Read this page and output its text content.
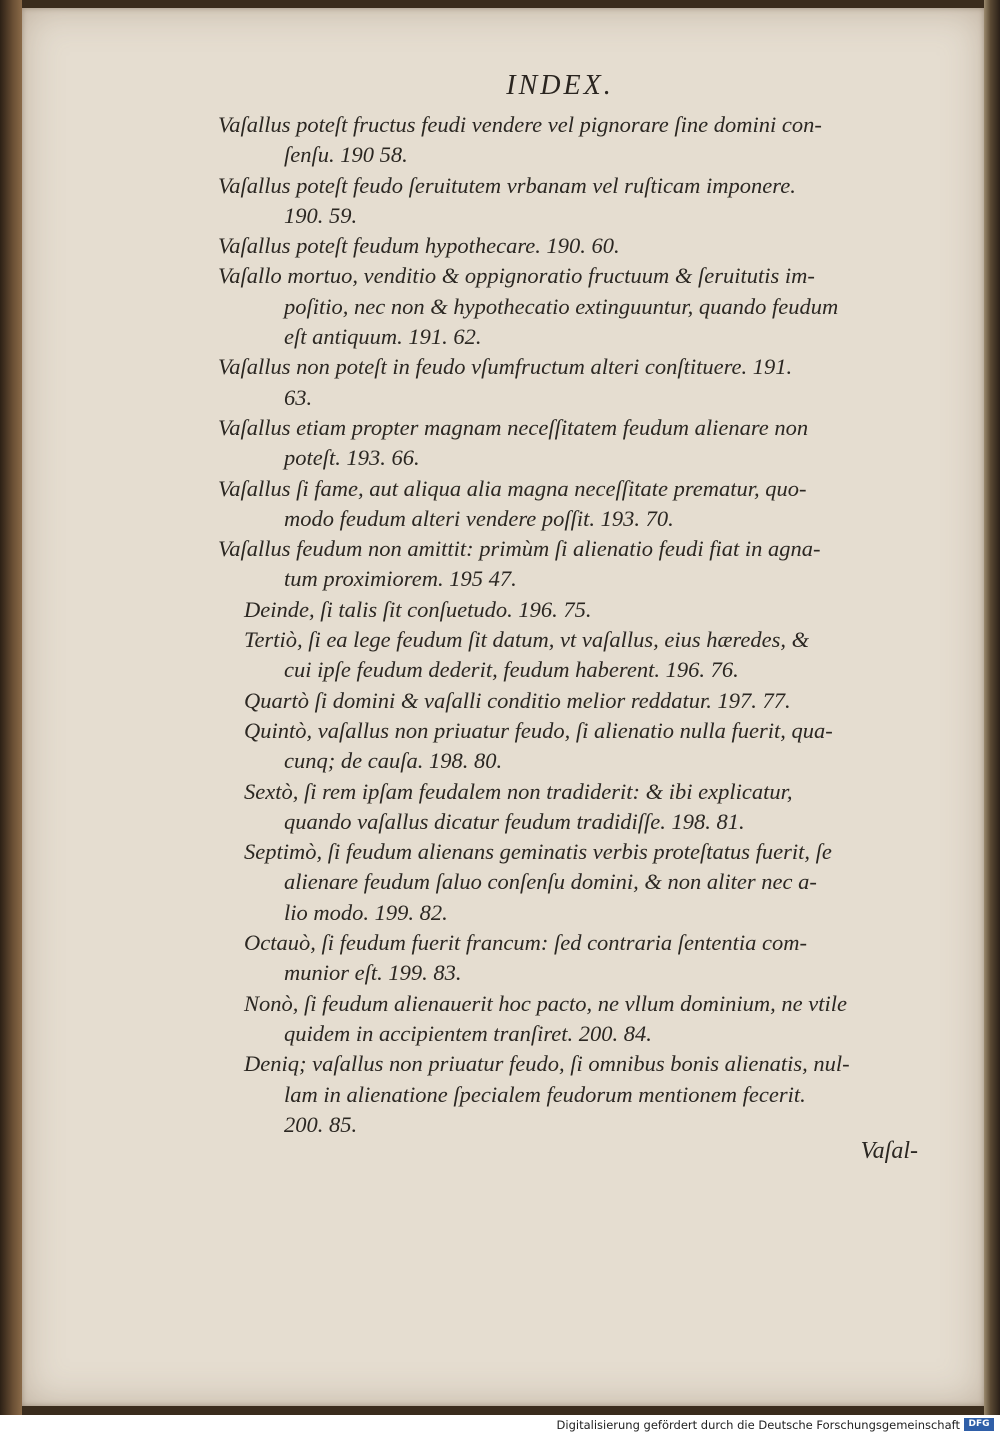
INDEX.
Vaſallus poteſt fructus feudi vendere vel pignorare ſine domini con-
ſenſu. 190 58.
Vaſallus poteſt feudo ſeruitutem vrbanam vel ruſticam imponere.
190. 59.
Vaſallus poteſt feudum hypothecare. 190. 60.
Vaſallo mortuo, venditio & oppignoratio fructuum & ſeruitutis im-
poſitio, nec non & hypothecatio extinguuntur, quando feudum
eſt antiquum. 191. 62.
Vaſallus non poteſt in feudo vſumfructum alteri conſtituere. 191.
63.
Vaſallus etiam propter magnam neceſſitatem feudum alienare non
poteſt. 193. 66.
Vaſallus ſi fame, aut aliqua alia magna neceſſitate prematur, quo-
modo feudum alteri vendere poſſit. 193. 70.
Vaſallus feudum non amittit: primùm ſi alienatio feudi fiat in agna-
tum proximiorem. 195 47.
Deinde, ſi talis ſit conſuetudo. 196. 75.
Tertiò, ſi ea lege feudum ſit datum, vt vaſallus, eius hæredes, &
cui ipſe feudum dederit, feudum haberent. 196. 76.
Quartò ſi domini & vaſalli conditio melior reddatur. 197. 77.
Quintò, vaſallus non priuatur feudo, ſi alienatio nulla fuerit, qua-
cunq; de cauſa. 198. 80.
Sextò, ſi rem ipſam feudalem non tradiderit: & ibi explicatur,
quando vaſallus dicatur feudum tradidiſſe. 198. 81.
Septimò, ſi feudum alienans geminatis verbis proteſtatus fuerit, ſe
alienare feudum ſaluo conſenſu domini, & non aliter nec a-
lio modo. 199. 82.
Octauò, ſi feudum fuerit francum: ſed contraria ſententia com-
munior eſt. 199. 83.
Nonò, ſi feudum alienauerit hoc pacto, ne vllum dominium, ne vtile
quidem in accipientem tranſiret. 200. 84.
Deniq; vaſallus non priuatur feudo, ſi omnibus bonis alienatis, nul-
lam in alienatione ſpecialem feudorum mentionem fecerit.
200. 85.
Vaſal-
Digitalisierung gefördert durch die Deutsche Forschungsgemeinschaft DFG
